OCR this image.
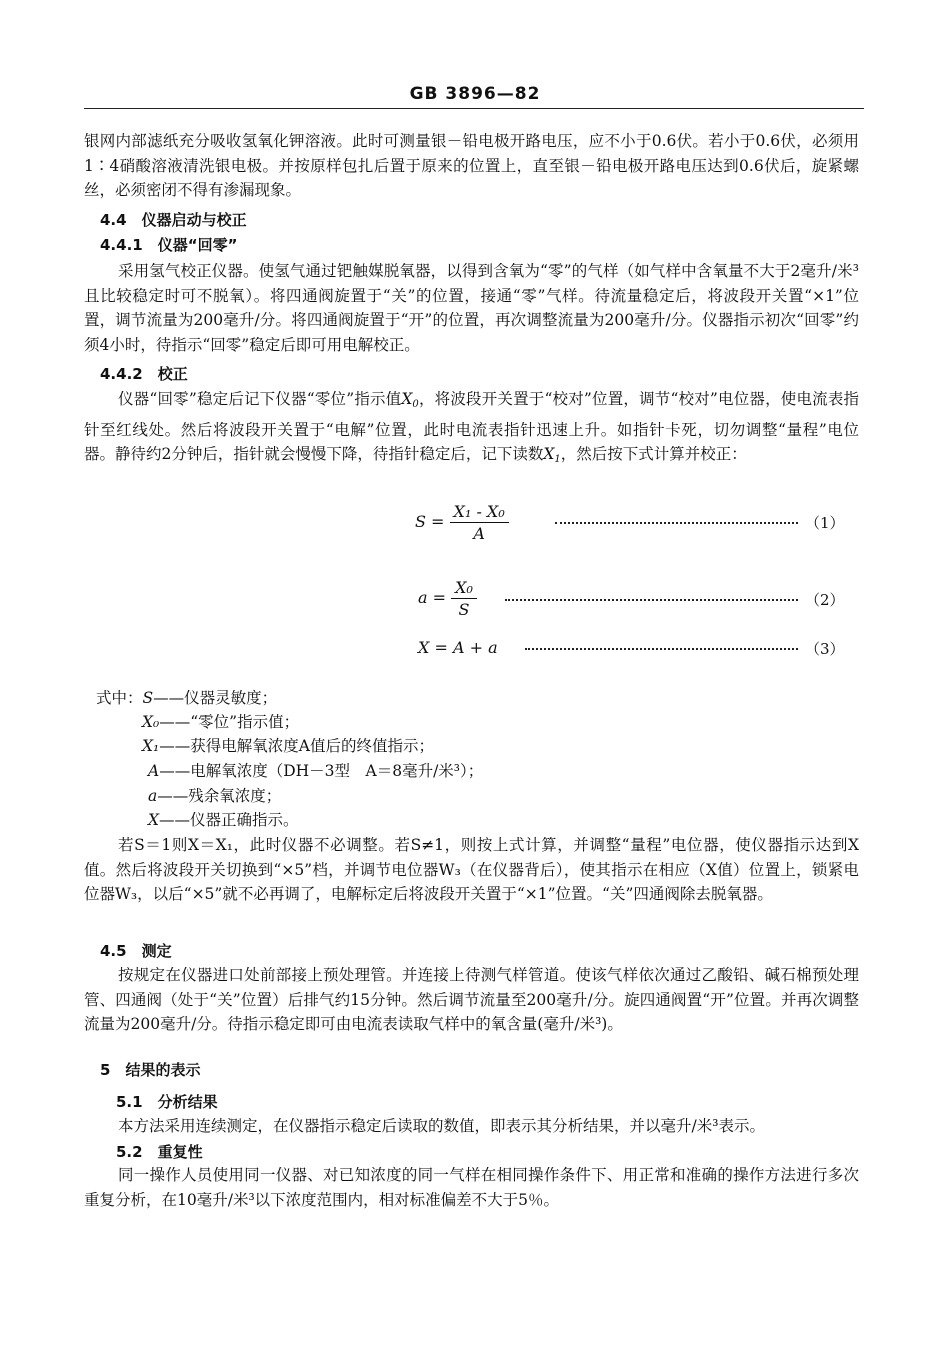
GB 3896—82

银网内部滤纸充分吸收氢氧化钾溶液。此时可测量银－铅电极开路电压，应不小于0.6伏。若小于0.6伏，必须用1∶4硝酸溶液清洗银电极。并按原样包扎后置于原来的位置上，直至银－铅电极开路电压达到0.6伏后，旋紧螺丝，必须密闭不得有渗漏现象。

4.4　 仪器启动与校正
4.4.1　 仪器“回零”

采用氢气校正仪器。使氢气通过钯触媒脱氧器，以得到含氧为“零”的气样（如气样中含氧量不大于2毫升/米³且比较稳定时可不脱氧）。将四通阀旋置于“关”的位置，接通“零”气样。待流量稳定后，将波段开关置“×1”位置，调节流量为200毫升/分。将四通阀旋置于“开”的位置，再次调整流量为200毫升/分。仪器指示初次“回零”约须4小时，待指示“回零”稳定后即可用电解校正。

4.4.2　 校正

仪器“回零”稳定后记下仪器“零位”指示值$X_0$，将波段开关置于“校对”位置，调节“校对”电位器，使电流表指针至红线处。然后将波段开关置于“电解”位置，此时电流表指针迅速上升。如指针卡死，切勿调整“量程”电位器。静待约2分钟后，指针就会慢慢下降，待指针稳定后，记下读数$X_1$，然后按下式计算并校正：

$S = \frac{\text{X₁ - X₀}}{A}$	（1）
$a = \frac{\text{X₀}}{S}$	（2）
X = A + a	（3）
式中：S——仪器灵敏度；
X₀——“零位”指示值；
X₁——获得电解氧浓度A值后的终值指示；
A——电解氧浓度（DH－3型　A＝8毫升/米³）；
a——残余氧浓度；
X——仪器正确指示。

若S＝1则X＝X₁，此时仪器不必调整。若S≠1，则按上式计算，并调整“量程”电位器，使仪器指示达到X值。然后将波段开关切换到“×5”档，并调节电位器W₃（在仪器背后），使其指示在相应（X值）位置上，锁紧电位器W₃，以后“×5”就不必再调了，电解标定后将波段开关置于“×1”位置。“关”四通阀除去脱氧器。

4.5　 测定

按规定在仪器进口处前部接上预处理管。并连接上待测气样管道。使该气样依次通过乙酸铅、碱石棉预处理管、四通阀（处于“关”位置）后排气约15分钟。然后调节流量至200毫升/分。旋四通阀置“开”位置。并再次调整流量为200毫升/分。待指示稳定即可由电流表读取气样中的氧含量(毫升/米³)。

5　 结果的表示
5.1　 分析结果

本方法采用连续测定，在仪器指示稳定后读取的数值，即表示其分析结果，并以毫升/米³表示。

5.2　 重复性

同一操作人员使用同一仪器、对已知浓度的同一气样在相同操作条件下、用正常和准确的操作方法进行多次重复分析，在10毫升/米³以下浓度范围内，相对标准偏差不大于5％。
